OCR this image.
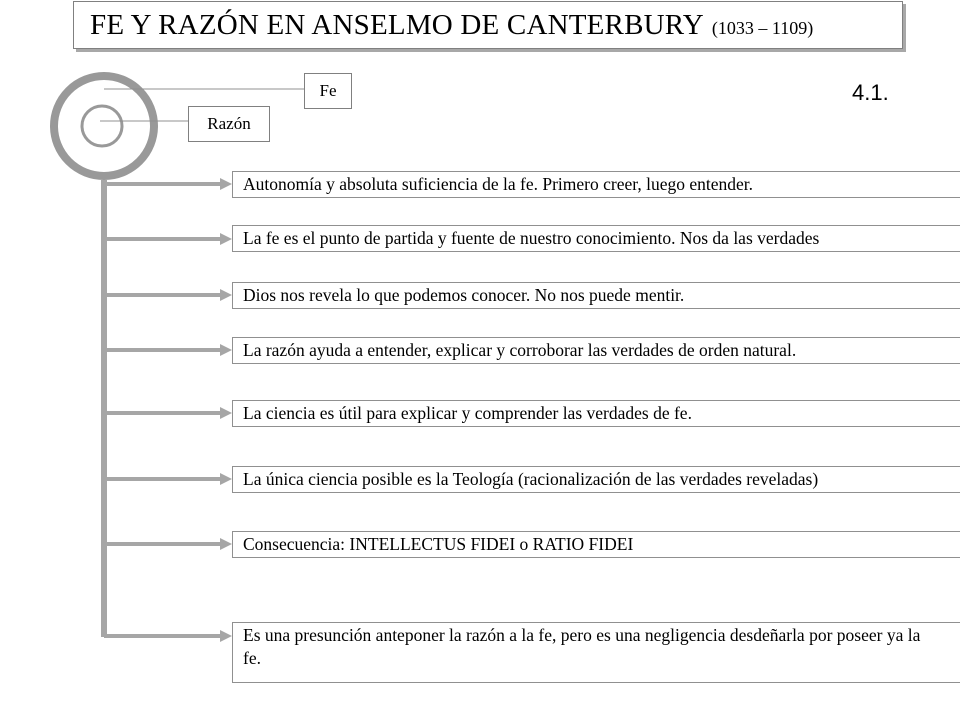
FE Y RAZÓN EN ANSELMO DE CANTERBURY (1033 – 1109)
4.1.
Fe
Razón
Autonomía y absoluta suficiencia de la fe. Primero creer, luego entender.
La fe es el punto de partida y fuente de nuestro conocimiento. Nos da las verdades
Dios nos revela lo que podemos conocer. No nos puede mentir.
La razón ayuda a entender, explicar y corroborar las verdades de orden natural.
La ciencia es útil para explicar y comprender las verdades de fe.
La única ciencia posible es la Teología (racionalización de las verdades reveladas)
Consecuencia: INTELLECTUS FIDEI o RATIO FIDEI
Es una presunción anteponer la razón a la fe, pero es una negligencia desdeñarla por poseer ya la fe.
